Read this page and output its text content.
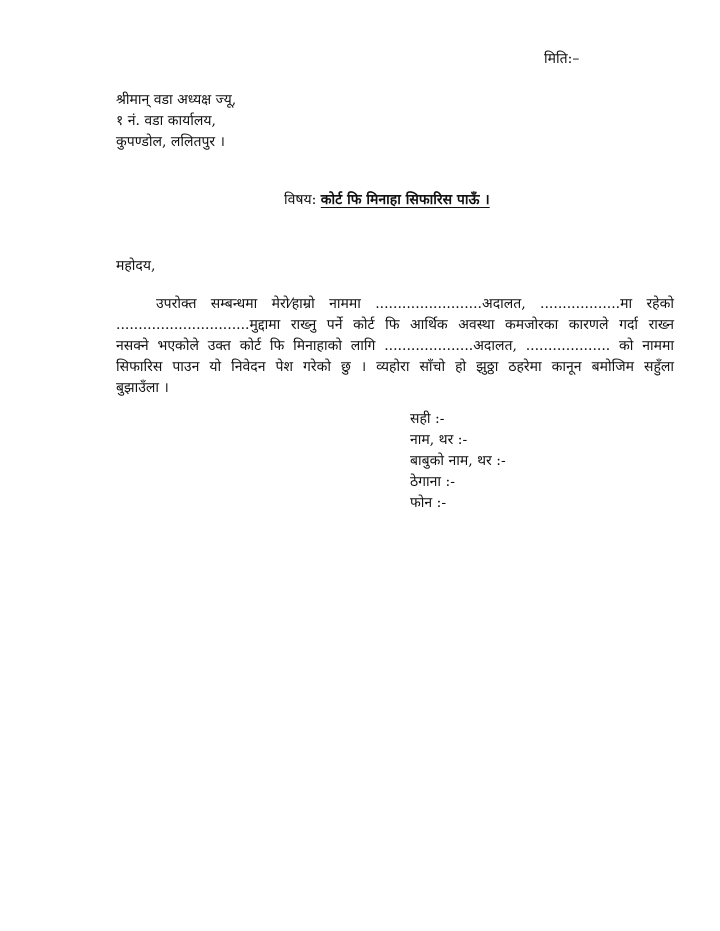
मिति:–
श्रीमान् वडा अध्यक्ष ज्यू,
१ नं. वडा कार्यालय,
कुपण्डोल, ललितपुर ।
विषय: कोर्ट फि मिनाहा सिफारिस पाऊँ ।
महोदय,
उपरोक्त सम्बन्धमा मेरो⁄हाम्रो नाममा ........................अदालत, ..................मा रहेको
..............................मुद्दामा राख्नु पर्ने कोर्ट फि आर्थिक अवस्था कमजोरका कारणले गर्दा राख्न
नसक्ने भएकोले उक्त कोर्ट फि मिनाहाको लागि ....................अदालत, ................... को नाममा
सिफारिस पाउन यो निवेदन पेश गरेको छु । व्यहोरा साँचो हो झुठ्ठा ठहरेमा कानून बमोजिम सहुँला
बुझाउँला ।
सही :-
नाम, थर :-
बाबुको नाम, थर :-
ठेगाना :-
फोन :-
